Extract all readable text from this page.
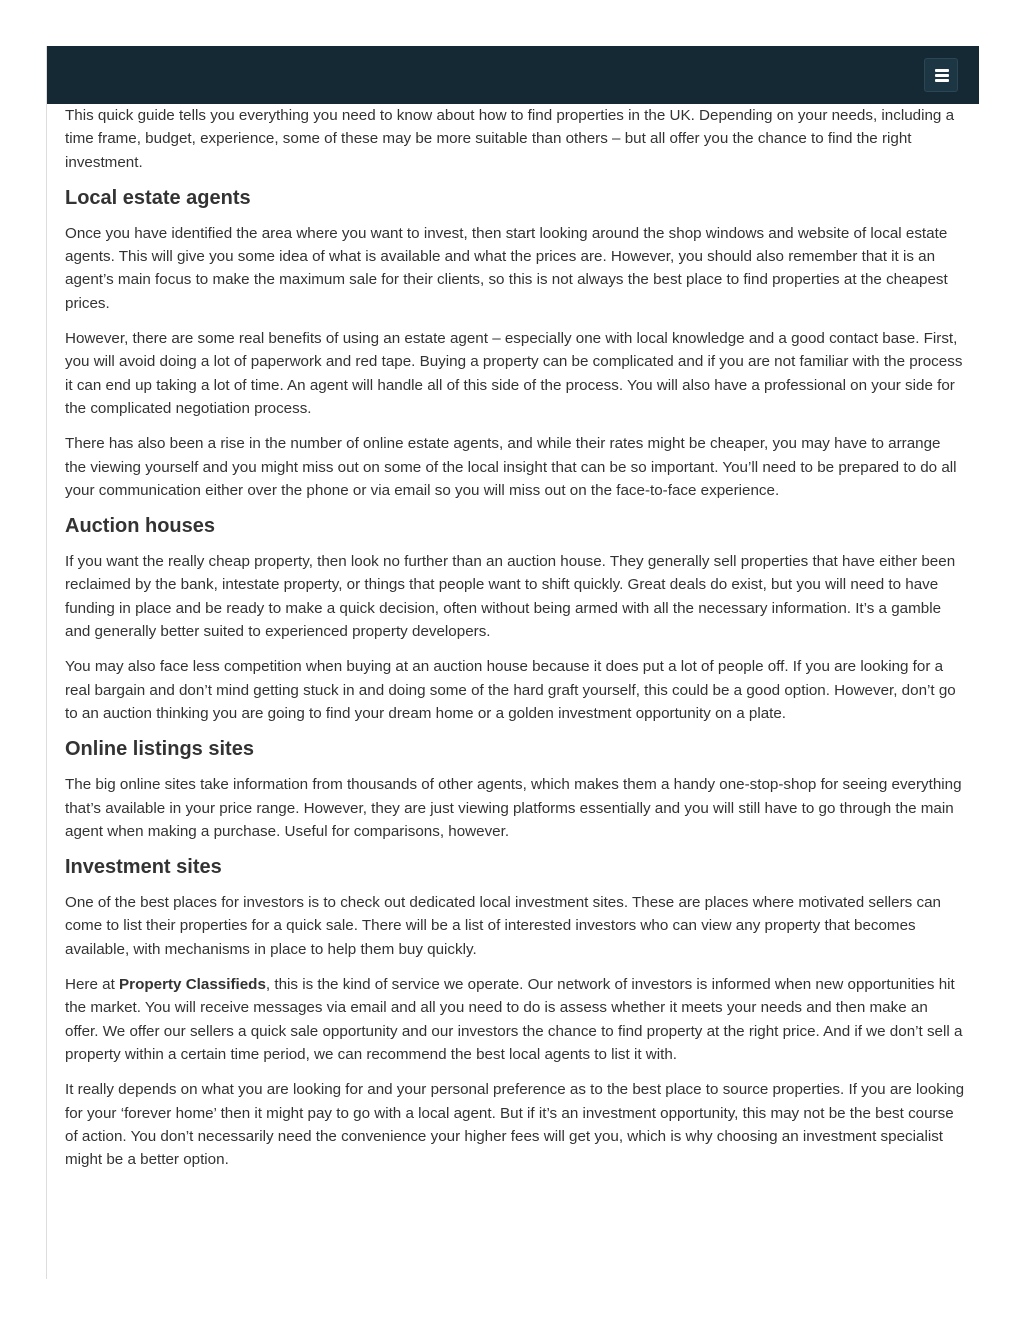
This quick guide tells you everything you need to know about how to find properties in the UK. Depending on your needs, including a time frame, budget, experience, some of these may be more suitable than others – but all offer you the chance to find the right investment.

Local estate agents

Once you have identified the area where you want to invest, then start looking around the shop windows and website of local estate agents. This will give you some idea of what is available and what the prices are. However, you should also remember that it is an agent’s main focus to make the maximum sale for their clients, so this is not always the best place to find properties at the cheapest prices.

However, there are some real benefits of using an estate agent – especially one with local knowledge and a good contact base. First, you will avoid doing a lot of paperwork and red tape. Buying a property can be complicated and if you are not familiar with the process it can end up taking a lot of time. An agent will handle all of this side of the process. You will also have a professional on your side for the complicated negotiation process.

There has also been a rise in the number of online estate agents, and while their rates might be cheaper, you may have to arrange the viewing yourself and you might miss out on some of the local insight that can be so important. You’ll need to be prepared to do all your communication either over the phone or via email so you will miss out on the face-to-face experience.

Auction houses

If you want the really cheap property, then look no further than an auction house. They generally sell properties that have either been reclaimed by the bank, intestate property, or things that people want to shift quickly. Great deals do exist, but you will need to have funding in place and be ready to make a quick decision, often without being armed with all the necessary information. It’s a gamble and generally better suited to experienced property developers.

You may also face less competition when buying at an auction house because it does put a lot of people off. If you are looking for a real bargain and don’t mind getting stuck in and doing some of the hard graft yourself, this could be a good option. However, don’t go to an auction thinking you are going to find your dream home or a golden investment opportunity on a plate.

Online listings sites

The big online sites take information from thousands of other agents, which makes them a handy one-stop-shop for seeing everything that’s available in your price range. However, they are just viewing platforms essentially and you will still have to go through the main agent when making a purchase. Useful for comparisons, however.

Investment sites

One of the best places for investors is to check out dedicated local investment sites. These are places where motivated sellers can come to list their properties for a quick sale. There will be a list of interested investors who can view any property that becomes available, with mechanisms in place to help them buy quickly.

Here at Property Classifieds, this is the kind of service we operate. Our network of investors is informed when new opportunities hit the market. You will receive messages via email and all you need to do is assess whether it meets your needs and then make an offer. We offer our sellers a quick sale opportunity and our investors the chance to find property at the right price. And if we don’t sell a property within a certain time period, we can recommend the best local agents to list it with.

It really depends on what you are looking for and your personal preference as to the best place to source properties. If you are looking for your ‘forever home’ then it might pay to go with a local agent. But if it’s an investment opportunity, this may not be the best course of action. You don’t necessarily need the convenience your higher fees will get you, which is why choosing an investment specialist might be a better option.
